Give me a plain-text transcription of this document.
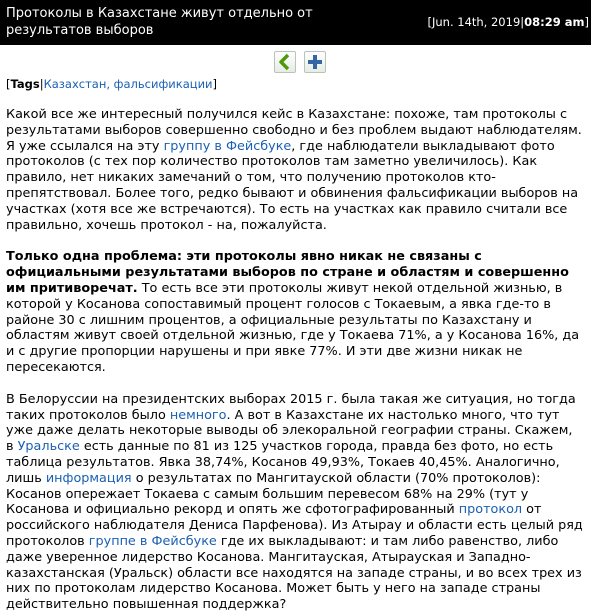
Протоколы в Казахстане живут отдельно от результатов выборов
[Jun. 14th, 2019|08:29 am]
[Tags|Казахстан, фальсификации]

Какой все же интересный получился кейс в Казахстане: похоже, там протоколы с результатами выборов совершенно свободно и без проблем выдают наблюдателям. Я уже ссылался на эту группу в Фейсбуке, где наблюдатели выкладывают фото протоколов (с тех пор количество протоколов там заметно увеличилось). Как правило, нет никаких замечаний о том, что получению протоколов кто-препятствовал. Более того, редко бывают и обвинения фальсификации выборов на участках (хотя все же встречаются). То есть на участках как правило считали все правильно, хочешь протокол - на, пожалуйста.

Только одна проблема: эти протоколы явно никак не связаны с официальными результатами выборов по стране и областям и совершенно им притиворечат. То есть все эти протоколы живут некой отдельной жизнью, в которой у Косанова сопоставимый процент голосов с Токаевым, а явка где-то в районе 30 с лишним процентов, а официальные результаты по Казахстану и областям живут своей отдельной жизнью, где у Токаева 71%, а у Косанова 16%, да и с другие пропорции нарушены и при явке 77%. И эти две жизни никак не пересекаются.

В Белоруссии на президентских выборах 2015 г. была такая же ситуация, но тогда таких протоколов было немного. А вот в Казахстане их настолько много, что тут уже даже делать некоторые выводы об элекоральной географии страны. Скажем, в Уральске есть данные по 81 из 125 участков города, правда без фото, но есть таблица результатов. Явка 38,74%, Косанов 49,93%, Токаев 40,45%. Аналогично, лишь информация о результатах по Мангитауской области (70% протоколов): Косанов опережает Токаева с самым большим перевесом 68% на 29% (тут у Косанова и официально рекорд и опять же сфотографированный протокол от российского наблюдателя Дениса Парфенова). Из Атырау и области есть целый ряд протоколов группе в Фейсбуке где их выкладывают: и там либо равенство, либо даже уверенное лидерство Косанова. Мангитауская, Атырауская и Западно-казахстанская (Уральск) области все находятся на западе страны, и во всех трех из них по протоколам лидерство Косанова. Может быть у него на западе страны действительно повышенная поддержка?
